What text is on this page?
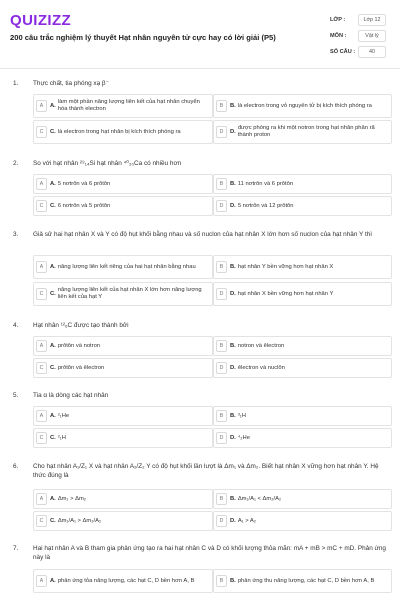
QUIZIZZ
200 câu trắc nghiệm lý thuyết Hạt nhân nguyên tử cực hay có lời giải (P5)
LỚP :	Lớp 12
MÔN :	Vật lý
SỐ CÂU :	40
1. Thực chất, tia phóng xạ β⁻
A	A.
làm một phần năng lượng liên kết của hạt nhân chuyển hóa thành electron	B	B. là electron trong vỏ nguyên tử bị kích thích phóng ra
C	C. là electron trong hạt nhân bị kích thích phóng ra	D	D.
được phóng ra khi một notron trong hạt nhân phân rã thành proton
2. So với hạt nhân ²⁹₁₄Si hạt nhân ⁴⁰₂₀Ca có nhiều hơn
A	A. 5 nơtrôn và 6 prôtôn	B	B. 11 nơtrôn và 6 prôtôn
C	C. 6 nơtrôn và 5 prôtôn	D	D. 5 nơtrôn và 12 prôtôn
3. Giả sử hai hạt nhân X và Y có độ hụt khối bằng nhau và số nuclon của hạt nhân X lớn hơn số nuclon của hạt nhân Y thì
A	A. năng lượng liên kết riêng của hai hạt nhân bằng nhau	B	B. hạt nhân Y bền vững hơn hạt nhân X
C	C.
năng lượng liên kết của hạt nhân X lớn hơn năng lượng liên kết của hạt Y	D	D. hạt nhân X bền vững hơn hạt nhân Y
4. Hạt nhân ¹²₆C được tạo thành bởi
A	A. prôtôn và notron	B	B. notron và êlectron
C	C. prôtôn và êlectron	D	D. êlectron và nuclôn
5. Tia α là dòng các hạt nhân
A	A. ²₁He	B	B. ³₁H
C	C. ²₁H	D	D. ⁴₂He
6. Cho hạt nhân A₁/Z₁ X và hạt nhân A₂/Z₂ Y có độ hụt khối lần lượt là Δm₁ và Δm₂. Biết hạt nhân X vững hơn hạt nhân Y. Hệ thức đúng là
A	A. Δm₁ > Δm₂	B	B. Δm₁/A₁ < Δm₂/A₂
C	C. Δm₁/A₁ > Δm₂/A₂	D	D. A₁ > A₂
7. Hai hạt nhân A và B tham gia phản ứng tạo ra hai hạt nhân C và D có khối lượng thỏa mãn: mA + mB > mC + mD. Phản ứng này là
A	A. phản ứng tỏa năng lượng, các hạt C, D bền hơn A, B	B	B. phản ứng thu năng lượng, các hạt C, D bền hơn A, B
